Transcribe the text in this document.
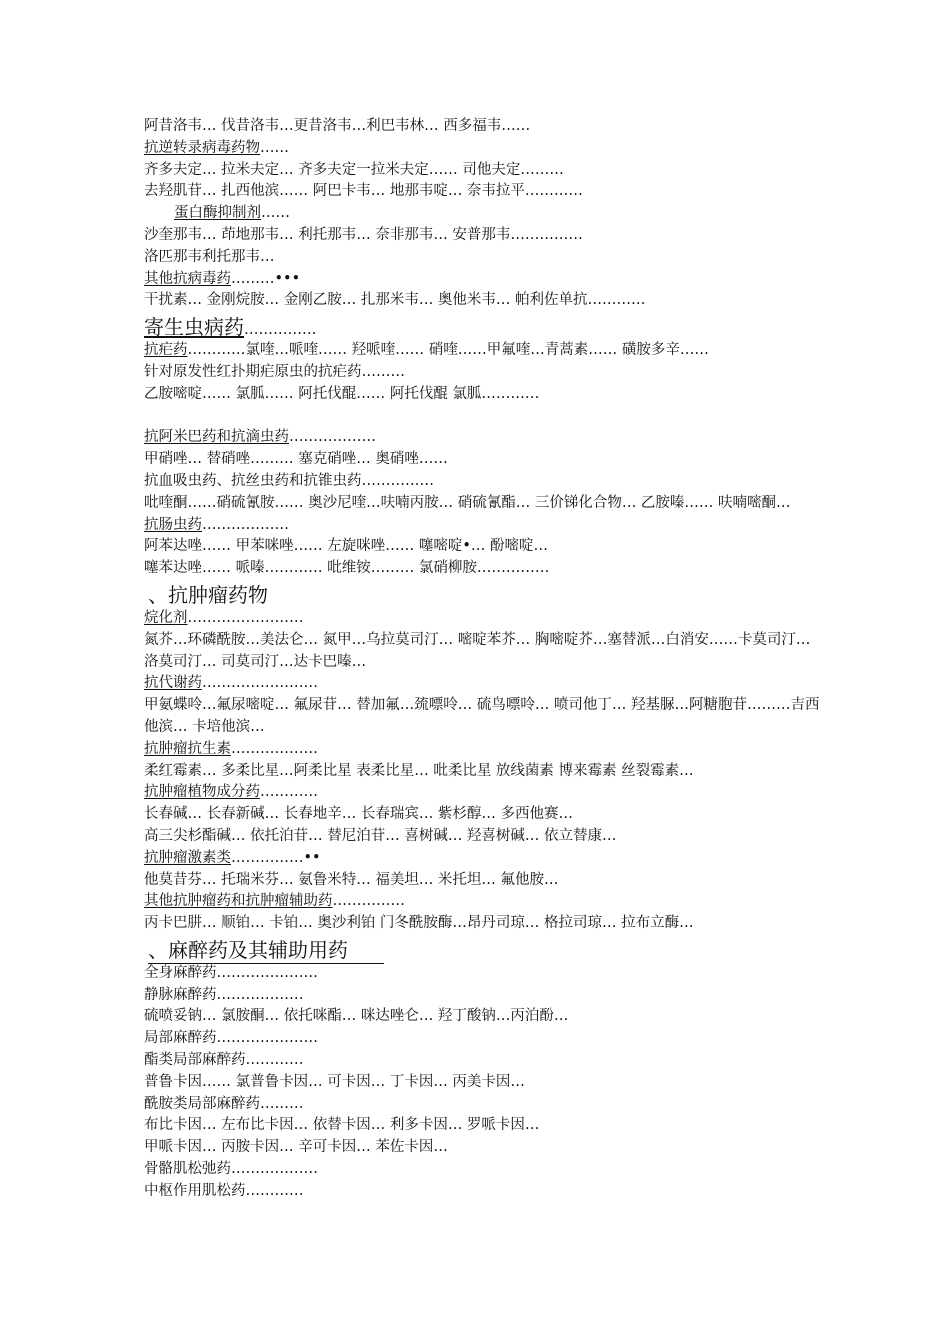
阿昔洛韦… 伐昔洛韦…更昔洛韦…利巴韦林… 西多福韦……
抗逆转录病毒药物……
齐多夫定… 拉米夫定… 齐多夫定一拉米夫定…… 司他夫定………
去羟肌苷… 扎西他滨…… 阿巴卡韦… 地那韦啶… 奈韦拉平…………
蛋白酶抑制剂……
沙奎那韦… 茚地那韦… 利托那韦… 奈非那韦… 安普那韦……………
洛匹那韦利托那韦…
其他抗病毒药………•••
干扰素… 金刚烷胺… 金刚乙胺… 扎那米韦… 奥他米韦… 帕利佐单抗…………
寄生虫病药……………
抗疟药…………氯喹…哌喹…… 羟哌喹…… 硝喹……甲氟喹…青蒿素…… 磺胺多辛……
针对原发性红扑期疟原虫的抗疟药………
乙胺嘧啶…… 氯胍…… 阿托伐醌…… 阿托伐醌 氯胍…………
抗阿米巴药和抗滴虫药………………
甲硝唑… 替硝唑……… 塞克硝唑… 奥硝唑……
抗血吸虫药、抗丝虫药和抗锥虫药……………
吡喹酮……硝硫氰胺…… 奥沙尼喹…呋喃丙胺… 硝硫氰酯… 三价锑化合物… 乙胺嗪…… 呋喃嘧酮…
抗肠虫药………………
阿苯达唑…… 甲苯咪唑…… 左旋咪唑…… 噻嘧啶•… 酚嘧啶…
噻苯达唑…… 哌嗪………… 吡维铵……… 氯硝柳胺……………
、抗肿瘤药物
烷化剂……………………
氮芥…环磷酰胺…美法仑… 氮甲…乌拉莫司汀… 嘧啶苯芥… 胸嘧啶芥…塞替派…白消安……卡莫司汀… 洛莫司汀… 司莫司汀…达卡巴嗪…
抗代谢药……………………
甲氨蝶呤…氟尿嘧啶… 氟尿苷… 替加氟…巯嘌呤… 硫鸟嘌呤… 喷司他丁… 羟基脲…阿糖胞苷………吉西他滨… 卡培他滨…
抗肿瘤抗生素………………
柔红霉素… 多柔比星…阿柔比星 表柔比星… 吡柔比星 放线菌素 博来霉素 丝裂霉素…
抗肿瘤植物成分药…………
长春碱… 长春新碱… 长春地辛… 长春瑞宾… 紫杉醇… 多西他赛…
高三尖杉酯碱… 依托泊苷… 替尼泊苷… 喜树碱… 羟喜树碱… 依立替康…
抗肿瘤激素类……………••
他莫昔芬… 托瑞米芬… 氨鲁米特… 福美坦… 米托坦… 氟他胺…
其他抗肿瘤药和抗肿瘤辅助药……………
丙卡巴肼… 顺铂… 卡铂… 奥沙利铂 门冬酰胺酶…昂丹司琼… 格拉司琼… 拉布立酶…
、麻醉药及其辅助用药
全身麻醉药…………………
静脉麻醉药………………
硫喷妥钠… 氯胺酮… 依托咪酯… 咪达唑仑… 羟丁酸钠…丙泊酚…
局部麻醉药…………………
酯类局部麻醉药…………
普鲁卡因…… 氯普鲁卡因… 可卡因… 丁卡因… 丙美卡因…
酰胺类局部麻醉药………
布比卡因… 左布比卡因… 依替卡因… 利多卡因… 罗哌卡因…
甲哌卡因… 丙胺卡因… 辛可卡因… 苯佐卡因…
骨骼肌松弛药………………
中枢作用肌松药…………
